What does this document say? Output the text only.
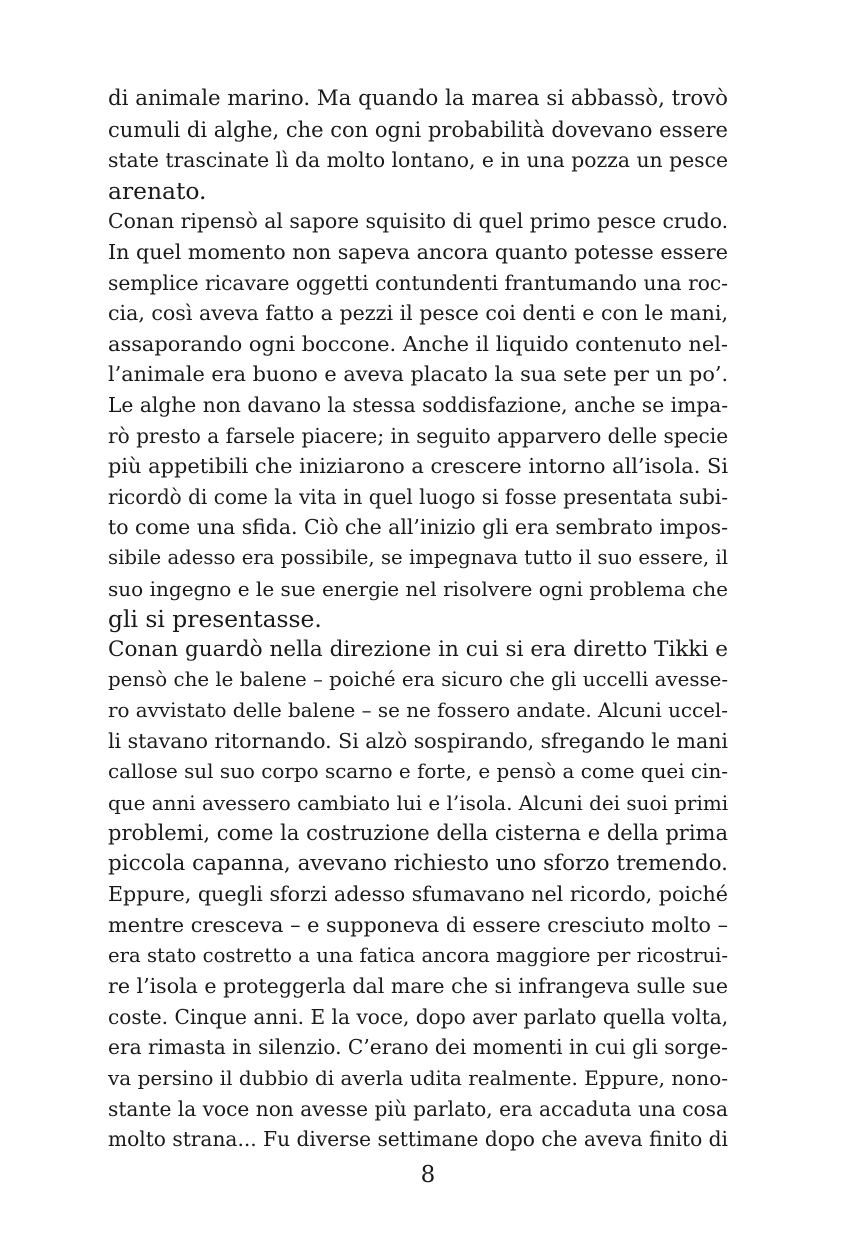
di animale marino. Ma quando la marea si abbassò, trovò
cumuli di alghe, che con ogni probabilità dovevano essere
state trascinate lì da molto lontano, e in una pozza un pesce
arenato.
Conan ripensò al sapore squisito di quel primo pesce crudo.
In quel momento non sapeva ancora quanto potesse essere
semplice ricavare oggetti contundenti frantumando una roc-
cia, così aveva fatto a pezzi il pesce coi denti e con le mani,
assaporando ogni boccone. Anche il liquido contenuto nel-
l’animale era buono e aveva placato la sua sete per un po’.
Le alghe non davano la stessa soddisfazione, anche se impa-
rò presto a farsele piacere; in seguito apparvero delle specie
più appetibili che iniziarono a crescere intorno all’isola. Si
ricordò di come la vita in quel luogo si fosse presentata subi-
to come una sfida. Ciò che all’inizio gli era sembrato impos-
sibile adesso era possibile, se impegnava tutto il suo essere, il
suo ingegno e le sue energie nel risolvere ogni problema che
gli si presentasse.
Conan guardò nella direzione in cui si era diretto Tikki e
pensò che le balene – poiché era sicuro che gli uccelli avesse-
ro avvistato delle balene – se ne fossero andate. Alcuni uccel-
li stavano ritornando. Si alzò sospirando, sfregando le mani
callose sul suo corpo scarno e forte, e pensò a come quei cin-
que anni avessero cambiato lui e l’isola. Alcuni dei suoi primi
problemi, come la costruzione della cisterna e della prima
piccola capanna, avevano richiesto uno sforzo tremendo.
Eppure, quegli sforzi adesso sfumavano nel ricordo, poiché
mentre cresceva – e supponeva di essere cresciuto molto –
era stato costretto a una fatica ancora maggiore per ricostrui-
re l’isola e proteggerla dal mare che si infrangeva sulle sue
coste. Cinque anni. E la voce, dopo aver parlato quella volta,
era rimasta in silenzio. C’erano dei momenti in cui gli sorge-
va persino il dubbio di averla udita realmente. Eppure, nono-
stante la voce non avesse più parlato, era accaduta una cosa
molto strana... Fu diverse settimane dopo che aveva finito di
8
